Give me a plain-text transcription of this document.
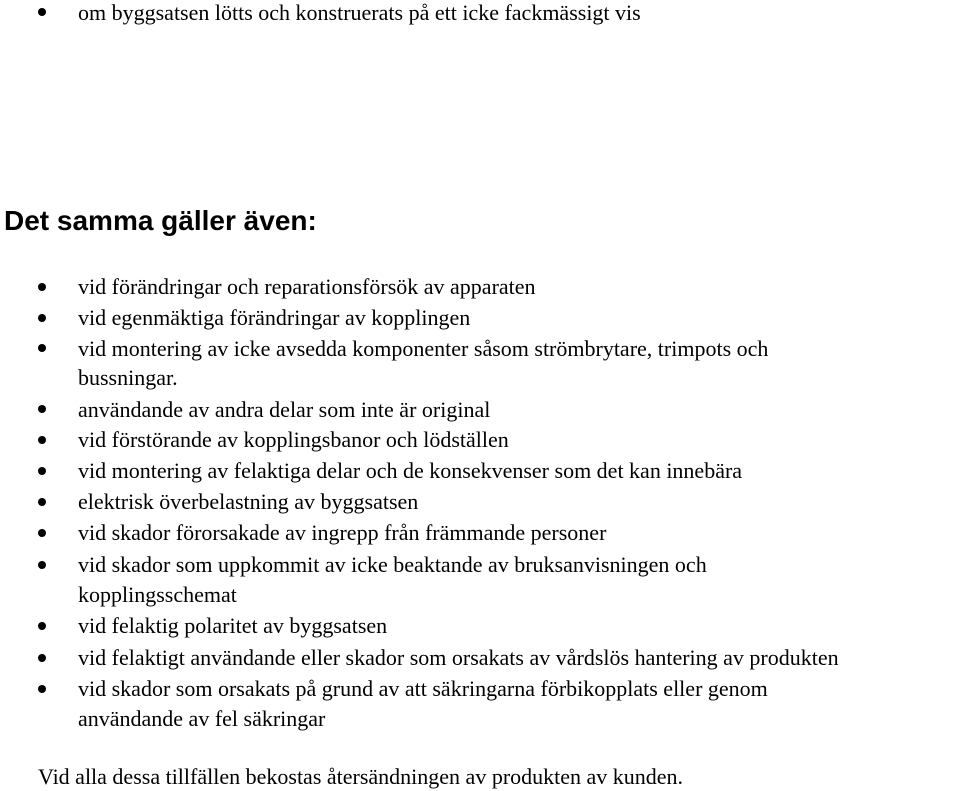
om byggsatsen lötts och konstruerats på ett icke fackmässigt vis
Det samma gäller även:
vid förändringar och reparationsförsök av apparaten
vid egenmäktiga förändringar av kopplingen
vid montering av icke avsedda komponenter såsom strömbrytare, trimpots och
bussningar.
användande av andra delar som inte är original
vid förstörande av kopplingsbanor och lödställen
vid montering av felaktiga delar och de konsekvenser som det kan innebära
elektrisk överbelastning av byggsatsen
vid skador förorsakade av ingrepp från främmande personer
vid skador som uppkommit av icke beaktande av bruksanvisningen och
kopplingsschemat
vid felaktig polaritet av byggsatsen
vid felaktigt användande eller skador som orsakats av vårdslös hantering av produkten
vid skador som orsakats på grund av att säkringarna förbikopplats eller genom
användande av fel säkringar
Vid alla dessa tillfällen bekostas återsändningen av produkten av kunden.
